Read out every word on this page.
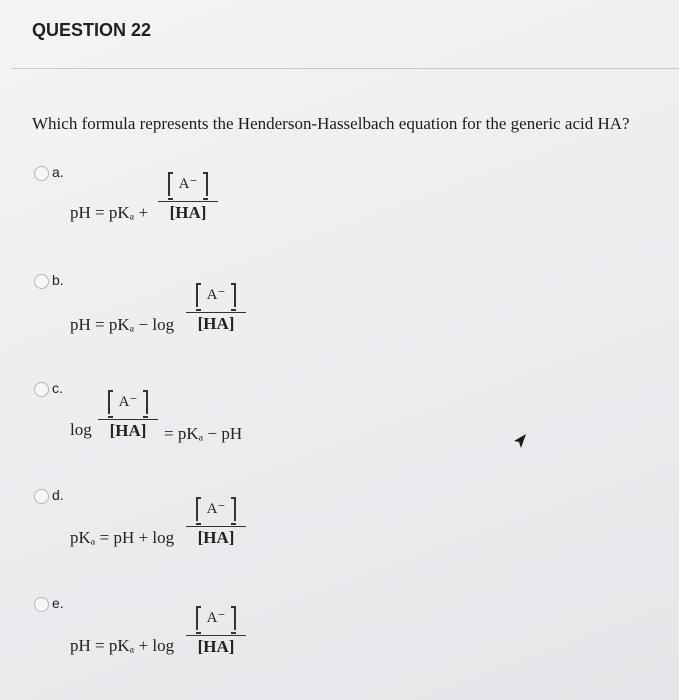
QUESTION 22
Which formula represents the Henderson-Hasselbach equation for the generic acid HA?
a.
pH = pKₐ +
A⁻
[HA]
b.
pH = pKₐ − log
A⁻
[HA]
c.
log
A⁻
[HA]	= pKₐ − pH
d.
pKₐ = pH + log
A⁻
[HA]
e.
pH = pKₐ + log
A⁻
[HA]
